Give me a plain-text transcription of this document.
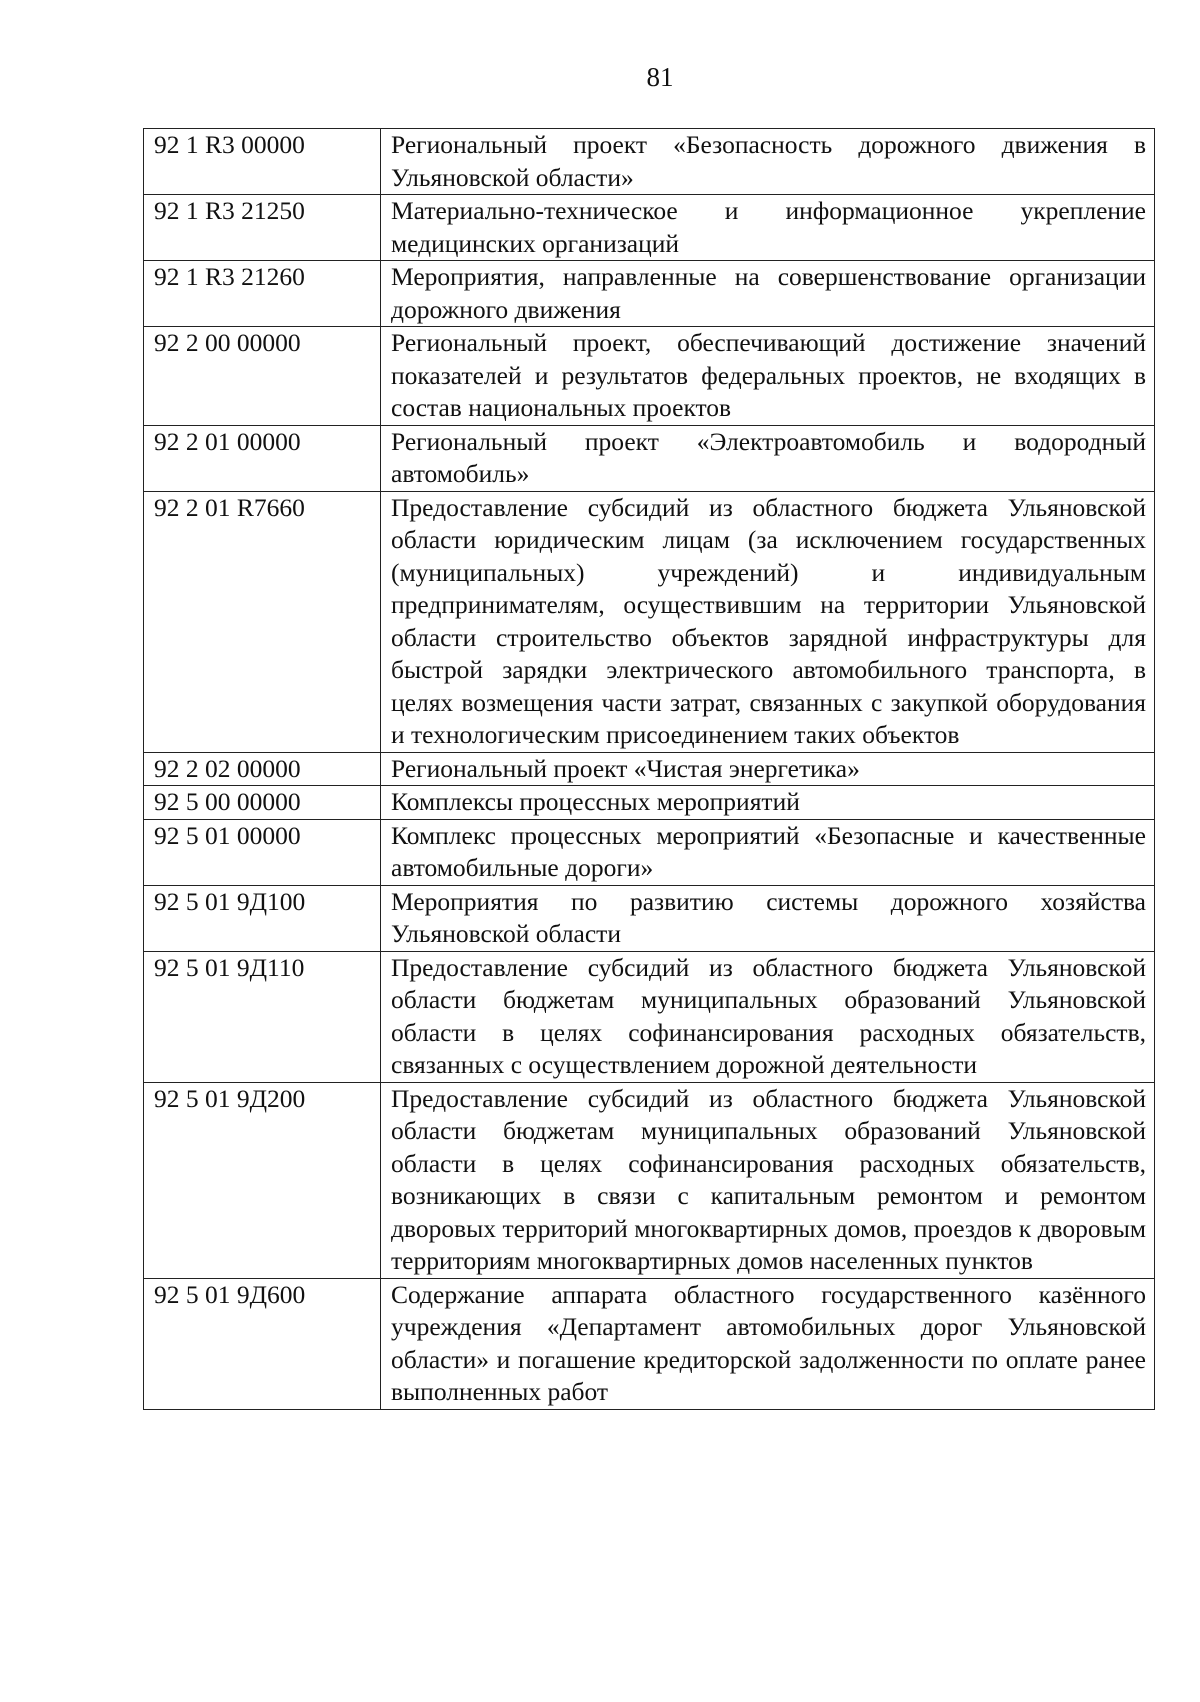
81
92 1 R3 00000	Региональный проект «Безопасность дорожного движения в Ульяновской области»
92 1 R3 21250	Материально-техническое и информационное укрепление медицинских организаций
92 1 R3 21260	Мероприятия, направленные на совершенствование организации дорожного движения
92 2 00 00000	Региональный проект, обеспечивающий достижение значений показателей и результатов федеральных проектов, не входящих в состав национальных проектов
92 2 01 00000	Региональный проект «Электроавтомобиль и водородный автомобиль»
92 2 01 R7660	Предоставление субсидий из областного бюджета Ульяновской области юридическим лицам (за исключением государственных (муниципальных) учреждений) и индивидуальным предпринимателям, осуществившим на территории Ульяновской области строительство объектов зарядной инфраструктуры для быстрой зарядки электрического автомобильного транспорта, в целях возмещения части затрат, связанных с закупкой оборудования и технологическим присоединением таких объектов
92 2 02 00000	Региональный проект «Чистая энергетика»
92 5 00 00000	Комплексы процессных мероприятий
92 5 01 00000	Комплекс процессных мероприятий «Безопасные и качественные автомобильные дороги»
92 5 01 9Д100	Мероприятия по развитию системы дорожного хозяйства Ульяновской области
92 5 01 9Д110	Предоставление субсидий из областного бюджета Ульяновской области бюджетам муниципальных образований Ульяновской области в целях софинансирования расходных обязательств, связанных с осуществлением дорожной деятельности
92 5 01 9Д200	Предоставление субсидий из областного бюджета Ульяновской области бюджетам муниципальных образований Ульяновской области в целях софинансирования расходных обязательств, возникающих в связи с капитальным ремонтом и ремонтом дворовых территорий многоквартирных домов, проездов к дворовым территориям многоквартирных домов населенных пунктов
92 5 01 9Д600	Содержание аппарата областного государственного казённого учреждения «Департамент автомобильных дорог Ульяновской области» и погашение кредиторской задолженности по оплате ранее выполненных работ
